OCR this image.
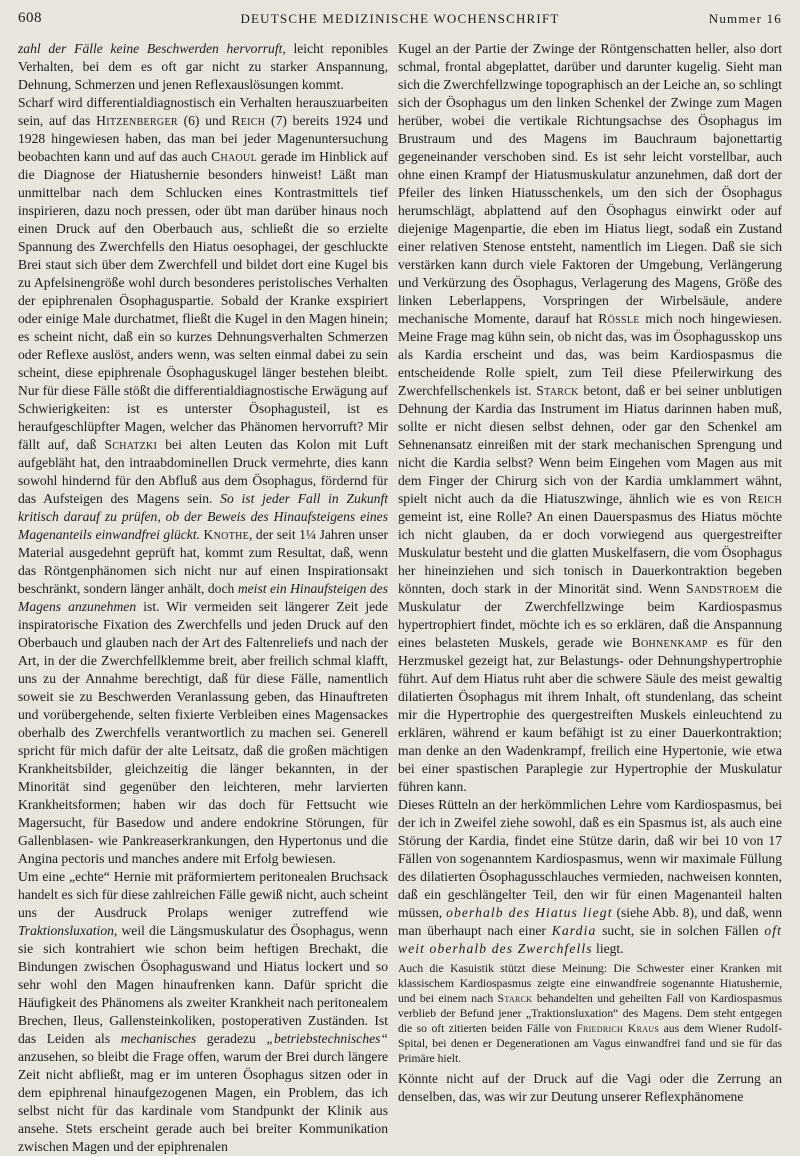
608	DEUTSCHE MEDIZINISCHE WOCHENSCHRIFT	Nummer 16

zahl der Fälle keine Beschwerden hervorruft, leicht reponibles Verhalten, bei dem es oft gar nicht zu starker Anspannung, Dehnung, Schmerzen und jenen Reflexauslösungen kommt.

Scharf wird differentialdiagnostisch ein Verhalten herauszuarbeiten sein, auf das Hitzenberger (6) und Reich (7) bereits 1924 und 1928 hingewiesen haben, das man bei jeder Magenuntersuchung beobachten kann und auf das auch Chaoul gerade im Hinblick auf die Diagnose der Hiatushernie besonders hinweist! Läßt man unmittelbar nach dem Schlucken eines Kontrastmittels tief inspirieren, dazu noch pressen, oder übt man darüber hinaus noch einen Druck auf den Oberbauch aus, schließt die so erzielte Spannung des Zwerchfells den Hiatus oesophagei, der geschluckte Brei staut sich über dem Zwerchfell und bildet dort eine Kugel bis zu Apfelsinengröße wohl durch besonderes peristolisches Verhalten der epiphrenalen Ösophaguspartie. Sobald der Kranke exspiriert oder einige Male durchatmet, fließt die Kugel in den Magen hinein; es scheint nicht, daß ein so kurzes Dehnungsverhalten Schmerzen oder Reflexe auslöst, anders wenn, was selten einmal dabei zu sein scheint, diese epiphrenale Ösophaguskugel länger bestehen bleibt. Nur für diese Fälle stößt die differentialdiagnostische Erwägung auf Schwierigkeiten: ist es unterster Ösophagusteil, ist es heraufgeschlüpfter Magen, welcher das Phänomen hervorruft? Mir fällt auf, daß Schatzki bei alten Leuten das Kolon mit Luft aufgebläht hat, den intraabdominellen Druck vermehrte, dies kann sowohl hindernd für den Abfluß aus dem Ösophagus, fördernd für das Aufsteigen des Magens sein. So ist jeder Fall in Zukunft kritisch darauf zu prüfen, ob der Beweis des Hinaufsteigens eines Magenanteils einwandfrei glückt. Knothe, der seit 1¼ Jahren unser Material ausgedehnt geprüft hat, kommt zum Resultat, daß, wenn das Röntgenphänomen sich nicht nur auf einen Inspirationsakt beschränkt, sondern länger anhält, doch meist ein Hinaufsteigen des Magens anzunehmen ist. Wir vermeiden seit längerer Zeit jede inspiratorische Fixation des Zwerchfells und jeden Druck auf den Oberbauch und glauben nach der Art des Faltenreliefs und nach der Art, in der die Zwerchfellklemme breit, aber freilich schmal klafft, uns zu der Annahme berechtigt, daß für diese Fälle, namentlich soweit sie zu Beschwerden Veranlassung geben, das Hinauftreten und vorübergehende, selten fixierte Verbleiben eines Magensackes oberhalb des Zwerchfells verantwortlich zu machen sei. Generell spricht für mich dafür der alte Leitsatz, daß die großen mächtigen Krankheitsbilder, gleichzeitig die länger bekannten, in der Minorität sind gegenüber den leichteren, mehr larvierten Krankheitsformen; haben wir das doch für Fettsucht wie Magersucht, für Basedow und andere endokrine Störungen, für Gallenblasen- wie Pankreaserkrankungen, den Hypertonus und die Angina pectoris und manches andere mit Erfolg bewiesen.

Um eine „echte“ Hernie mit präformiertem peritonealen Bruchsack handelt es sich für diese zahlreichen Fälle gewiß nicht, auch scheint uns der Ausdruck Prolaps weniger zutreffend wie Traktionsluxation, weil die Längsmuskulatur des Ösophagus, wenn sie sich kontrahiert wie schon beim heftigen Brechakt, die Bindungen zwischen Ösophaguswand und Hiatus lockert und so sehr wohl den Magen hinaufrenken kann. Dafür spricht die Häufigkeit des Phänomens als zweiter Krankheit nach peritonealem Brechen, Ileus, Gallensteinkoliken, postoperativen Zuständen. Ist das Leiden als mechanisches geradezu „betriebstechnisches“ anzusehen, so bleibt die Frage offen, warum der Brei durch längere Zeit nicht abfließt, mag er im unteren Ösophagus sitzen oder in dem epiphrenal hinaufgezogenen Magen, ein Problem, das ich selbst nicht für das kardinale vom Standpunkt der Klinik aus ansehe. Stets erscheint gerade auch bei breiter Kommunikation zwischen Magen und der epiphrenalen

Kugel an der Partie der Zwinge der Röntgenschatten heller, also dort schmal, frontal abgeplattet, darüber und darunter kugelig. Sieht man sich die Zwerchfellzwinge topographisch an der Leiche an, so schlingt sich der Ösophagus um den linken Schenkel der Zwinge zum Magen herüber, wobei die vertikale Richtungsachse des Ösophagus im Brustraum und des Magens im Bauchraum bajonettartig gegeneinander verschoben sind. Es ist sehr leicht vorstellbar, auch ohne einen Krampf der Hiatusmuskulatur anzunehmen, daß dort der Pfeiler des linken Hiatusschenkels, um den sich der Ösophagus herumschlägt, abplattend auf den Ösophagus einwirkt oder auf diejenige Magenpartie, die eben im Hiatus liegt, sodaß ein Zustand einer relativen Stenose entsteht, namentlich im Liegen. Daß sie sich verstärken kann durch viele Faktoren der Umgebung, Verlängerung und Verkürzung des Ösophagus, Verlagerung des Magens, Größe des linken Leberlappens, Vorspringen der Wirbelsäule, andere mechanische Momente, darauf hat Rössle mich noch hingewiesen. Meine Frage mag kühn sein, ob nicht das, was im Ösophagusskop uns als Kardia erscheint und das, was beim Kardiospasmus die entscheidende Rolle spielt, zum Teil diese Pfeilerwirkung des Zwerchfellschenkels ist. Starck betont, daß er bei seiner unblutigen Dehnung der Kardia das Instrument im Hiatus darinnen haben muß, sollte er nicht diesen selbst dehnen, oder gar den Schenkel am Sehnenansatz einreißen mit der stark mechanischen Sprengung und nicht die Kardia selbst? Wenn beim Eingehen vom Magen aus mit dem Finger der Chirurg sich von der Kardia umklammert wähnt, spielt nicht auch da die Hiatuszwinge, ähnlich wie es von Reich gemeint ist, eine Rolle? An einen Dauerspasmus des Hiatus möchte ich nicht glauben, da er doch vorwiegend aus quergestreifter Muskulatur besteht und die glatten Muskelfasern, die vom Ösophagus her hineinziehen und sich tonisch in Dauerkontraktion begeben könnten, doch stark in der Minorität sind. Wenn Sandstroem die Muskulatur der Zwerchfellzwinge beim Kardiospasmus hypertrophiert findet, möchte ich es so erklären, daß die Anspannung eines belasteten Muskels, gerade wie Bohnenkamp es für den Herzmuskel gezeigt hat, zur Belastungs- oder Dehnungshypertrophie führt. Auf dem Hiatus ruht aber die schwere Säule des meist gewaltig dilatierten Ösophagus mit ihrem Inhalt, oft stundenlang, das scheint mir die Hypertrophie des quergestreiften Muskels einleuchtend zu erklären, während er kaum befähigt ist zu einer Dauerkontraktion; man denke an den Wadenkrampf, freilich eine Hypertonie, wie etwa bei einer spastischen Paraplegie zur Hypertrophie der Muskulatur führen kann.

Dieses Rütteln an der herkömmlichen Lehre vom Kardiospasmus, bei der ich in Zweifel ziehe sowohl, daß es ein Spasmus ist, als auch eine Störung der Kardia, findet eine Stütze darin, daß wir bei 10 von 17 Fällen von sogenanntem Kardiospasmus, wenn wir maximale Füllung des dilatierten Ösophagusschlauches vermieden, nachweisen konnten, daß ein geschlängelter Teil, den wir für einen Magenanteil halten müssen, oberhalb des Hiatus liegt (siehe Abb. 8), und daß, wenn man überhaupt nach einer Kardia sucht, sie in solchen Fällen oft weit oberhalb des Zwerchfells liegt.

Auch die Kasuistik stützt diese Meinung: Die Schwester einer Kranken mit klassischem Kardiospasmus zeigte eine einwandfreie sogenannte Hiatushernie, und bei einem nach Starck behandelten und geheilten Fall von Kardiospasmus verblieb der Befund jener „Traktionsluxation“ des Magens. Dem steht entgegen die so oft zitierten beiden Fälle von Friedrich Kraus aus dem Wiener Rudolf-Spital, bei denen er Degenerationen am Vagus einwandfrei fand und sie für das Primäre hielt.

Könnte nicht auf der Druck auf die Vagi oder die Zerrung an denselben, das, was wir zur Deutung unserer Reflexphänomene
